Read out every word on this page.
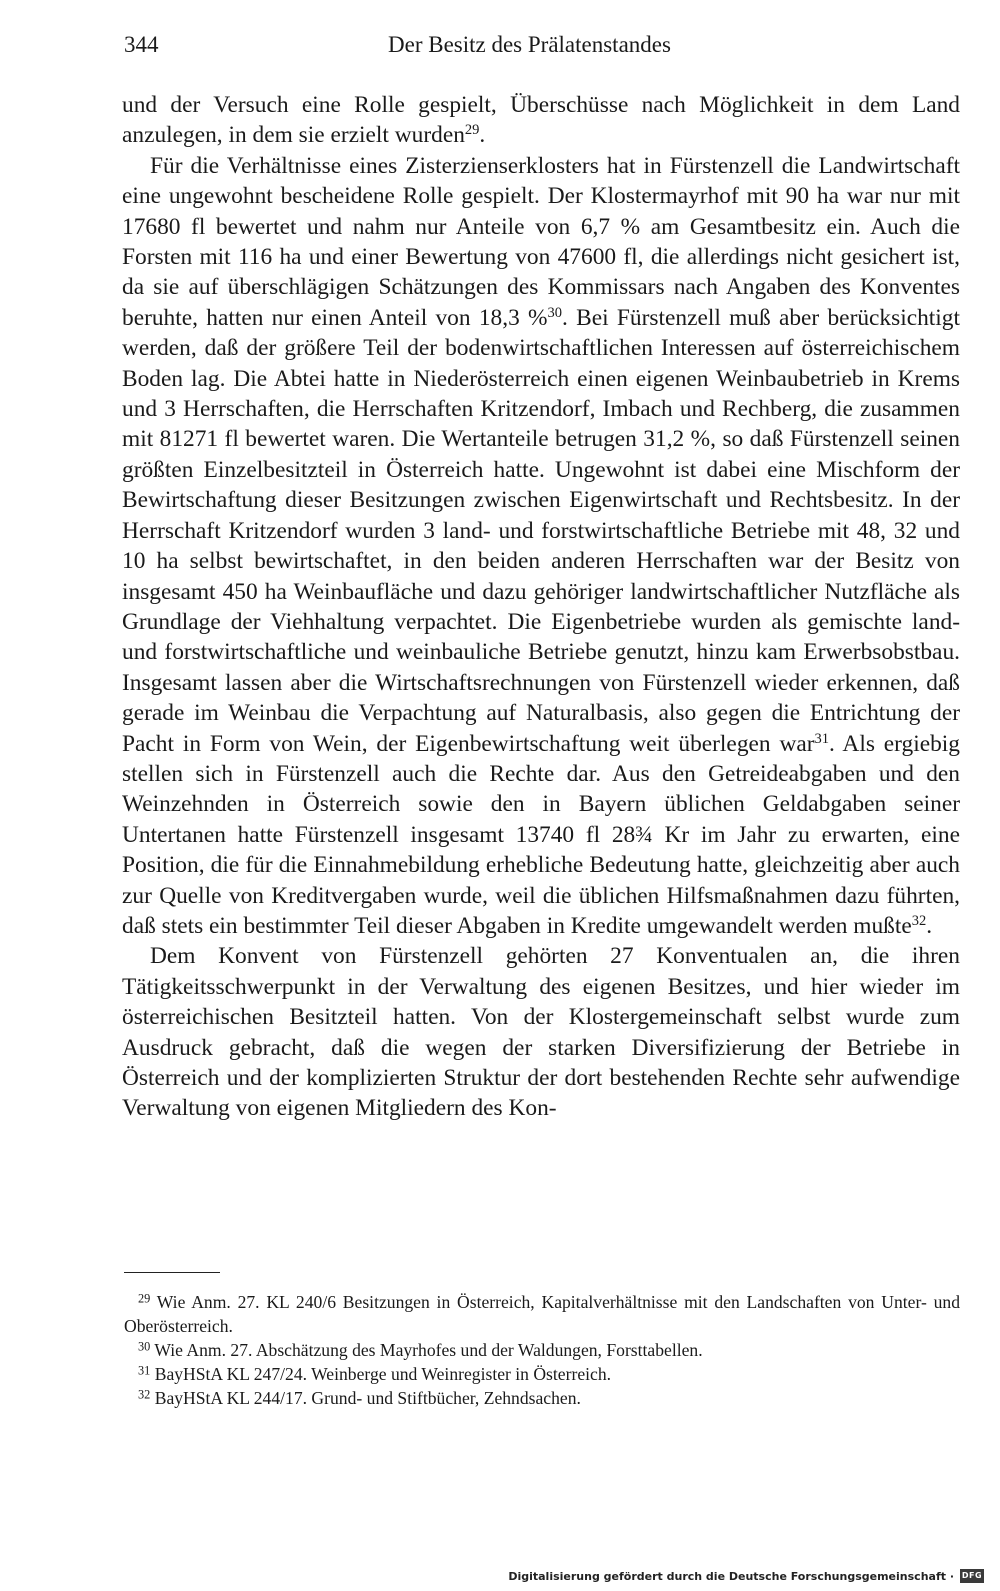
344	Der Besitz des Prälatenstandes

und der Versuch eine Rolle gespielt, Überschüsse nach Möglichkeit in dem Land anzulegen, in dem sie erzielt wurden$^{29}$.

Für die Verhältnisse eines Zisterzienserklosters hat in Fürstenzell die Landwirtschaft eine ungewohnt bescheidene Rolle gespielt. Der Klostermayrhof mit 90 ha war nur mit 17680 fl bewertet und nahm nur Anteile von 6,7 % am Gesamtbesitz ein. Auch die Forsten mit 116 ha und einer Bewertung von 47600 fl, die allerdings nicht gesichert ist, da sie auf überschlägigen Schätzungen des Kommissars nach Angaben des Konventes beruhte, hatten nur einen Anteil von 18,3 %$^{30}$. Bei Fürstenzell muß aber berücksichtigt werden, daß der größere Teil der bodenwirtschaftlichen Interessen auf österreichischem Boden lag. Die Abtei hatte in Niederösterreich einen eigenen Weinbaubetrieb in Krems und 3 Herrschaften, die Herrschaften Kritzendorf, Imbach und Rechberg, die zusammen mit 81271 fl bewertet waren. Die Wertanteile betrugen 31,2 %, so daß Fürstenzell seinen größten Einzelbesitzteil in Österreich hatte. Ungewohnt ist dabei eine Mischform der Bewirtschaftung dieser Besitzungen zwischen Eigenwirtschaft und Rechtsbesitz. In der Herrschaft Kritzendorf wurden 3 land- und forstwirtschaftliche Betriebe mit 48, 32 und 10 ha selbst bewirtschaftet, in den beiden anderen Herrschaften war der Besitz von insgesamt 450 ha Weinbaufläche und dazu gehöriger landwirtschaftlicher Nutzfläche als Grundlage der Viehhaltung verpachtet. Die Eigenbetriebe wurden als gemischte land- und forstwirtschaftliche und weinbauliche Betriebe genutzt, hinzu kam Erwerbsobstbau. Insgesamt lassen aber die Wirtschaftsrechnungen von Fürstenzell wieder erkennen, daß gerade im Weinbau die Verpachtung auf Naturalbasis, also gegen die Entrichtung der Pacht in Form von Wein, der Eigenbewirtschaftung weit überlegen war$^{31}$. Als ergiebig stellen sich in Fürstenzell auch die Rechte dar. Aus den Getreideabgaben und den Weinzehnden in Österreich sowie den in Bayern üblichen Geldabgaben seiner Untertanen hatte Fürstenzell insgesamt 13740 fl 28¾ Kr im Jahr zu erwarten, eine Position, die für die Einnahmebildung erhebliche Bedeutung hatte, gleichzeitig aber auch zur Quelle von Kreditvergaben wurde, weil die üblichen Hilfsmaßnahmen dazu führten, daß stets ein bestimmter Teil dieser Abgaben in Kredite umgewandelt werden mußte$^{32}$.

Dem Konvent von Fürstenzell gehörten 27 Konventualen an, die ihren Tätigkeitsschwerpunkt in der Verwaltung des eigenen Besitzes, und hier wieder im österreichischen Besitzteil hatten. Von der Klostergemeinschaft selbst wurde zum Ausdruck gebracht, daß die wegen der starken Diversifizierung der Betriebe in Österreich und der komplizierten Struktur der dort bestehenden Rechte sehr aufwendige Verwaltung von eigenen Mitgliedern des Kon-

$^{29}$ Wie Anm. 27. KL 240/6 Besitzungen in Österreich, Kapitalverhältnisse mit den Landschaften von Unter- und Oberösterreich.

$^{30}$ Wie Anm. 27. Abschätzung des Mayrhofes und der Waldungen, Forsttabellen.

$^{31}$ BayHStA KL 247/24. Weinberge und Weinregister in Österreich.

$^{32}$ BayHStA KL 244/17. Grund- und Stiftbücher, Zehndsachen.

Digitalisierung gefördert durch die Deutsche Forschungsgemeinschaft · DFG
